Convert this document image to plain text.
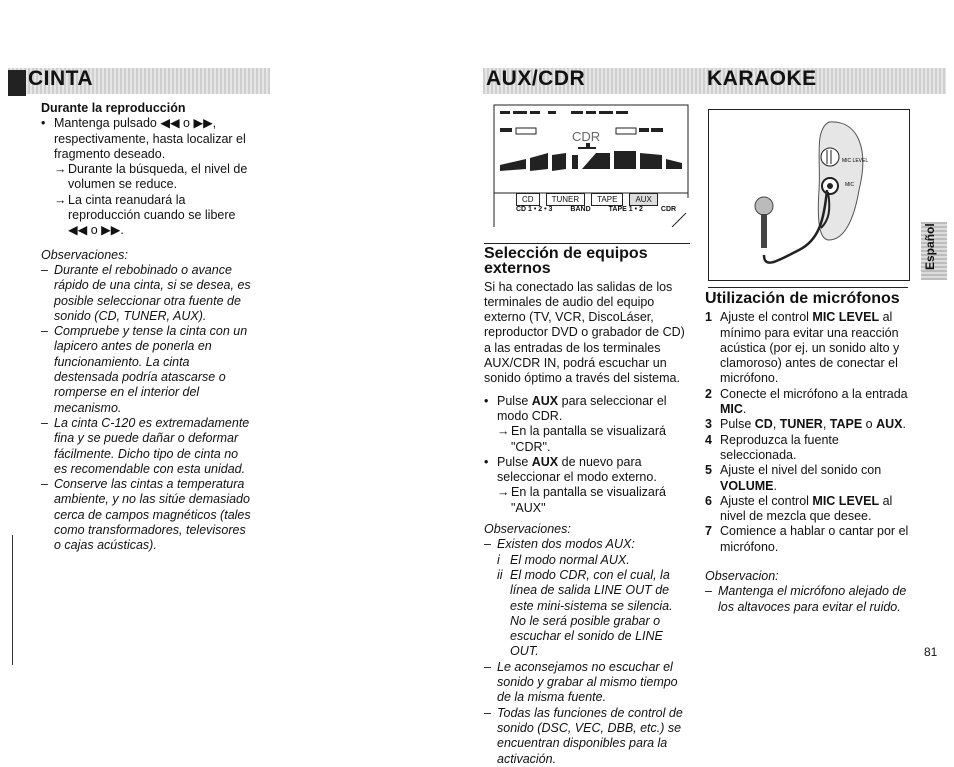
CINTA	AUX/CDR	KARAOKE

Durante la reproducción

• Mantenga pulsado ◀◀ o ▶▶, respectivamente, hasta localizar el fragmento deseado.
→ Durante la búsqueda, el nivel de volumen se reduce.
→ La cinta reanudará la reproducción cuando se libere ◀◀ o ▶▶.

Observaciones:

– Durante el rebobinado o avance rápido de una cinta, si se desea, es posible seleccionar otra fuente de sonido (CD, TUNER, AUX).
– Compruebe y tense la cinta con un lapicero antes de ponerla en funcionamiento. La cinta destensada podría atascarse o romperse en el interior del mecanismo.
– La cinta C-120 es extremadamente fina y se puede dañar o deformar fácilmente. Dicho tipo de cinta no es recomendable con esta unidad.
– Conserve las cintas a temperatura ambiente, y no las sitúe demasiado cerca de campos magnéticos (tales como transformadores, televisores o cajas acústicas).
CDR
CD	TUNER	TAPE	AUX
CD 1 • 2 • 3	BAND	TAPE 1 • 2	CDR

Selección de equipos externos

Si ha conectado las salidas de los terminales de audio del equipo externo (TV, VCR, DiscoLáser, reproductor DVD o grabador de CD) a las entradas de los terminales AUX/CDR IN, podrá escuchar un sonido óptimo a través del sistema.

• Pulse AUX para seleccionar el modo CDR.
→ En la pantalla se visualizará "CDR".
• Pulse AUX de nuevo para seleccionar el modo externo.
→ En la pantalla se visualizará "AUX"

Observaciones:

– Existen dos modos AUX:
i El modo normal AUX.
ii El modo CDR, con el cual, la línea de salida LINE OUT de este mini-sistema se silencia. No le será posible grabar o escuchar el sonido de LINE OUT.
– Le aconsejamos no escuchar el sonido y grabar al mismo tiempo de la misma fuente.
– Todas las funciones de control de sonido (DSC, VEC, DBB, etc.) se encuentran disponibles para la activación.
MIC LEVEL
MIC

Utilización de micrófonos

1 Ajuste el control MIC LEVEL al mínimo para evitar una reacción acústica (por ej. un sonido alto y clamoroso) antes de conectar el micrófono.
2 Conecte el micrófono a la entrada MIC.
3 Pulse CD, TUNER, TAPE o AUX.
4 Reproduzca la fuente seleccionada.
5 Ajuste el nivel del sonido con VOLUME.
6 Ajuste el control MIC LEVEL al nivel de mezcla que desee.
7 Comience a hablar o cantar por el micrófono.

Observacion:

– Mantenga el micrófono alejado de los altavoces para evitar el ruido.
Español
81
